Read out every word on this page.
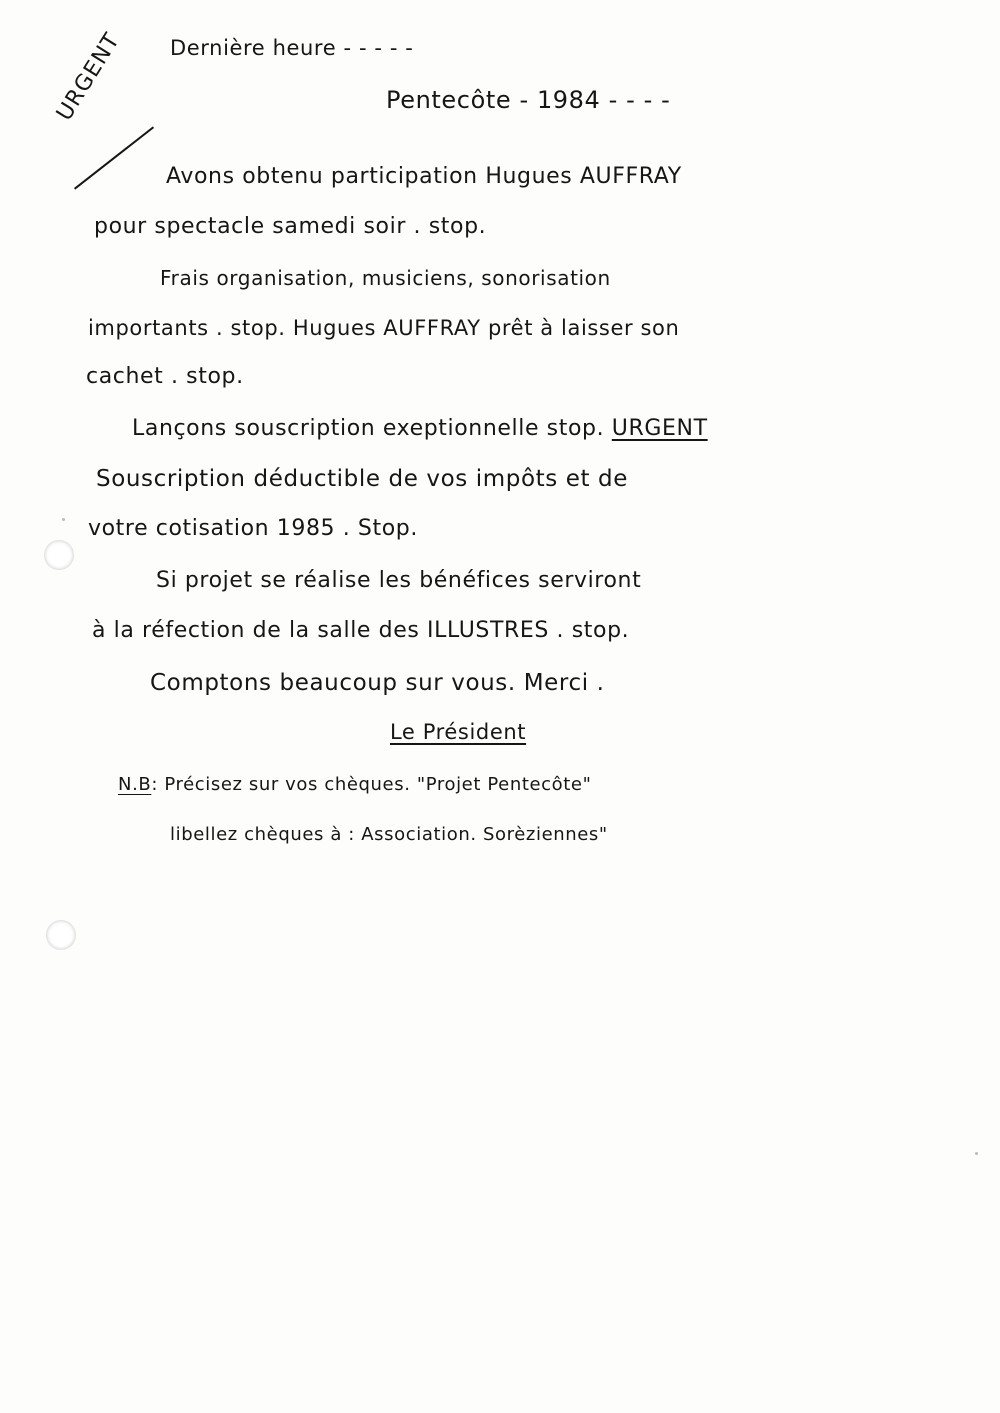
Dernière heure - - - - -
Pentecôte - 1984 - - - -
URGENT
Avons obtenu participation Hugues AUFFRAY
pour spectacle samedi soir . stop.
Frais organisation, musiciens, sonorisation
importants . stop. Hugues AUFFRAY prêt à laisser son
cachet . stop.
Lançons souscription exeptionnelle stop. URGENT
Souscription déductible de vos impôts et de
votre cotisation 1985 . Stop.
Si projet se réalise les bénéfices serviront
à la réfection de la salle des ILLUSTRES . stop.
Comptons beaucoup sur vous. Merci .
Le Président
N.B: Précisez sur vos chèques. "Projet Pentecôte"
libellez chèques à : Association. Sorèziennes"
